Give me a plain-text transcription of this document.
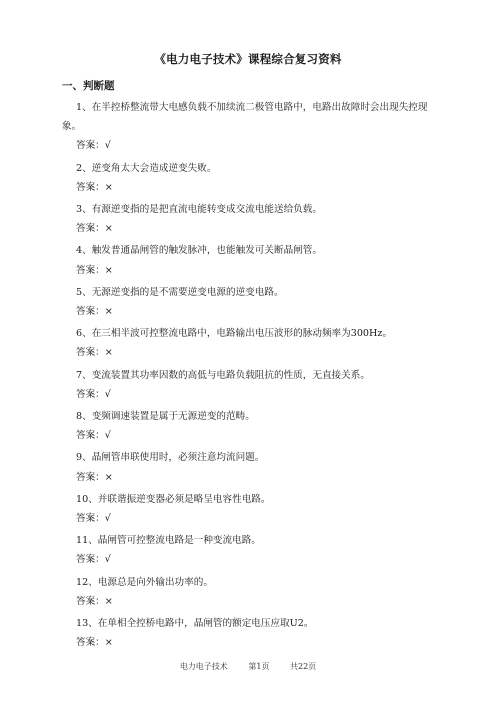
《电力电子技术》课程综合复习资料
一、判断题

1、在半控桥整流带大电感负载不加续流二极管电路中，电路出故障时会出现失控现象。

答案：√

2、逆变角太大会造成逆变失败。

答案：×

3、有源逆变指的是把直流电能转变成交流电能送给负载。

答案：×

4、触发普通晶闸管的触发脉冲，也能触发可关断晶闸管。

答案：×

5、无源逆变指的是不需要逆变电源的逆变电路。

答案：×

6、在三相半波可控整流电路中，电路输出电压波形的脉动频率为300Hz。

答案：×

7、变流装置其功率因数的高低与电路负载阻抗的性质，无直接关系。

答案：√

8、变频调速装置是属于无源逆变的范畴。

答案：√

9、晶闸管串联使用时，必须注意均流问题。

答案：×

10、并联谐振逆变器必须是略呈电容性电路。

答案：√

11、晶闸管可控整流电路是一种变流电路。

答案：√

12、电源总是向外输出功率的。

答案：×

13、在单相全控桥电路中，晶闸管的额定电压应取U2。

答案：×

电力电子技术	第1页	共22页
